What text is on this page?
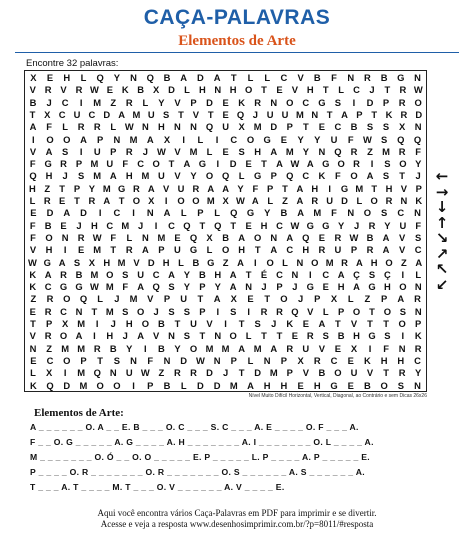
CAÇA-PALAVRAS
Elementos de Arte
Encontre 32 palavras:
X	E	H	L	Q	Y	N	Q	B	A	D	A	T	L	L	C	V	B	F	N	R	B	G	N
V R V R W E K B X D L H N H O T	E V H T	L C	J	T R W
B	J	C	I	M Z	R	L	Y	V	P	D	E	K R N O C G S	I	D	P	R O
T X C U C D A M U S T V T E Q J U U M N T A P T K R D
A	F	L	R R	L W N H N N Q U	X M D	P	T	E	C B	S	S	X	N
I	O	O	A	P	N	M	A	X	I	L	I	C	O	G	E	Y	Y	U	F	W S	Q	Q
V	A	S	I	U	P	R	J W V M L	E	S	H A M Y	N Q R	Z M R	F
F G R P M U F C O T A G	I	D E	T A W A G O R	I	S O Y
Q H	J	S M A H M U	V	Y O Q	L	G P Q C K	F	O A	S	T	J
H Z T P Y M G R A V U R A A Y F P T A H	I	G M T H V P
L R E T R A T O X	I	O O M X W A L Z A R U D L O R N K
E	D	A	D	I	C	I	N	A	L	P	L	Q	G	Y	B	A	M	F	N	O	S	C	N
F B E	J	H C M J	I	C Q T Q T	E H C W G G Y	J	R Y U F
F	O N R W F	L	N M E Q X	B A O N A Q E	R W B A	V	S
V	H	I	E M T	R A	P	U G	L	O H	T	A C H R U	P	R A	V	C
W G A S X H M V D H L B G Z A	I	O L N O M R A H O Z A
K A R B M O S U C A Y B H A T	É C N	I	C A Ç S Ç	I	L
K C G G W M F A Q S Y P Y A N	J	P	J G E H A G H O N
Z	R	O	Q	L	J	M	V	P	U	T	A	X	E	T	O	J	P	X	L	Z	P	A	R
E R C N T M S O J	S S P	I	S	I	R R Q V	L	P O T O S N
T	P	X M	I	J	H O B	T	U	V	I	T	S	J	K	E	A	T	V	T	T	O P
V R O A	I	H	J	A V N S	T N O L	T	T	E R S B H G S	I	K
N	Z M M R B	Y	I	B	Y O M M A M A R U	V	E	X	I	F	N R
E	C	O	P	T	S	N	F	N	D W N	P	L	N	P	X	R	C	E	K	H	H	C
L	X	I	M Q N U W Z	R R D	J	T	D M P	V	B O U	V	T	R	Y
K	Q	D	M O	O	I	P	B	L	D	D	M	A	H	H	E	H	G	E	B	O	S	N
Nível Muito Difícil Horizontal, Vertical, Diagonal, ao Contrário e sem Dicas 26x26
←
→
↓
↑
↘
↗
↖
↙
Elementos de Arte:
A _ _ _ _ _ _ O. A _ _ E. B _ _ _ O. C _ _ _ S. C _ _ _ A. E _ _ _ _ O. F _ _ _ A.
F _ _ O. G _ _ _ _ _ A. G _ _ _ _ A. H _ _ _ _ _ _ _ A. I _ _ _ _ _ _ _ O. L _ _ _ _ A.
M _ _ _ _ _ _ _ O. Ó _ _ O. O _ _ _ _ _ E. P _ _ _ _ _ L. P _ _ _ _ A. P _ _ _ _ _ E.
P _ _ _ _ O. R _ _ _ _ _ _ _ O. R _ _ _ _ _ _ _ O. S _ _ _ _ _ _ A. S _ _ _ _ _ _ A.
T _ _ _ A. T _ _ _ _ M. T _ _ _ O. V _ _ _ _ _ _ A. V _ _ _ _ E.
Aqui você encontra vários Caça-Palavras em PDF para imprimir e se divertir.
Acesse e veja a resposta www.desenhosimprimir.com.br/?p=8011/#resposta
